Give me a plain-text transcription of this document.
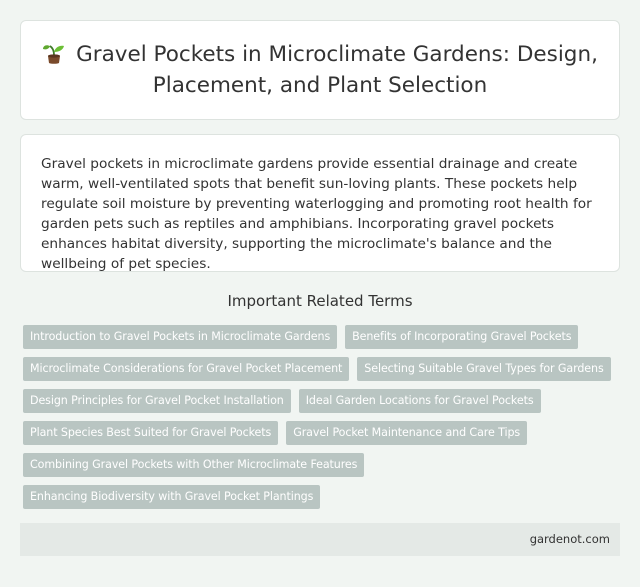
Gravel Pockets in Microclimate Gardens: Design, Placement, and Plant Selection

Gravel pockets in microclimate gardens provide essential drainage and create warm, well-ventilated spots that benefit sun-loving plants. These pockets help regulate soil moisture by preventing waterlogging and promoting root health for garden pets such as reptiles and amphibians. Incorporating gravel pockets enhances habitat diversity, supporting the microclimate's balance and the wellbeing of pet species.

Important Related Terms
Introduction to Gravel Pockets in Microclimate Gardens	Benefits of Incorporating Gravel Pockets
Microclimate Considerations for Gravel Pocket Placement	Selecting Suitable Gravel Types for Gardens
Design Principles for Gravel Pocket Installation	Ideal Garden Locations for Gravel Pockets
Plant Species Best Suited for Gravel Pockets	Gravel Pocket Maintenance and Care Tips
Combining Gravel Pockets with Other Microclimate Features
Enhancing Biodiversity with Gravel Pocket Plantings
gardenot.com
